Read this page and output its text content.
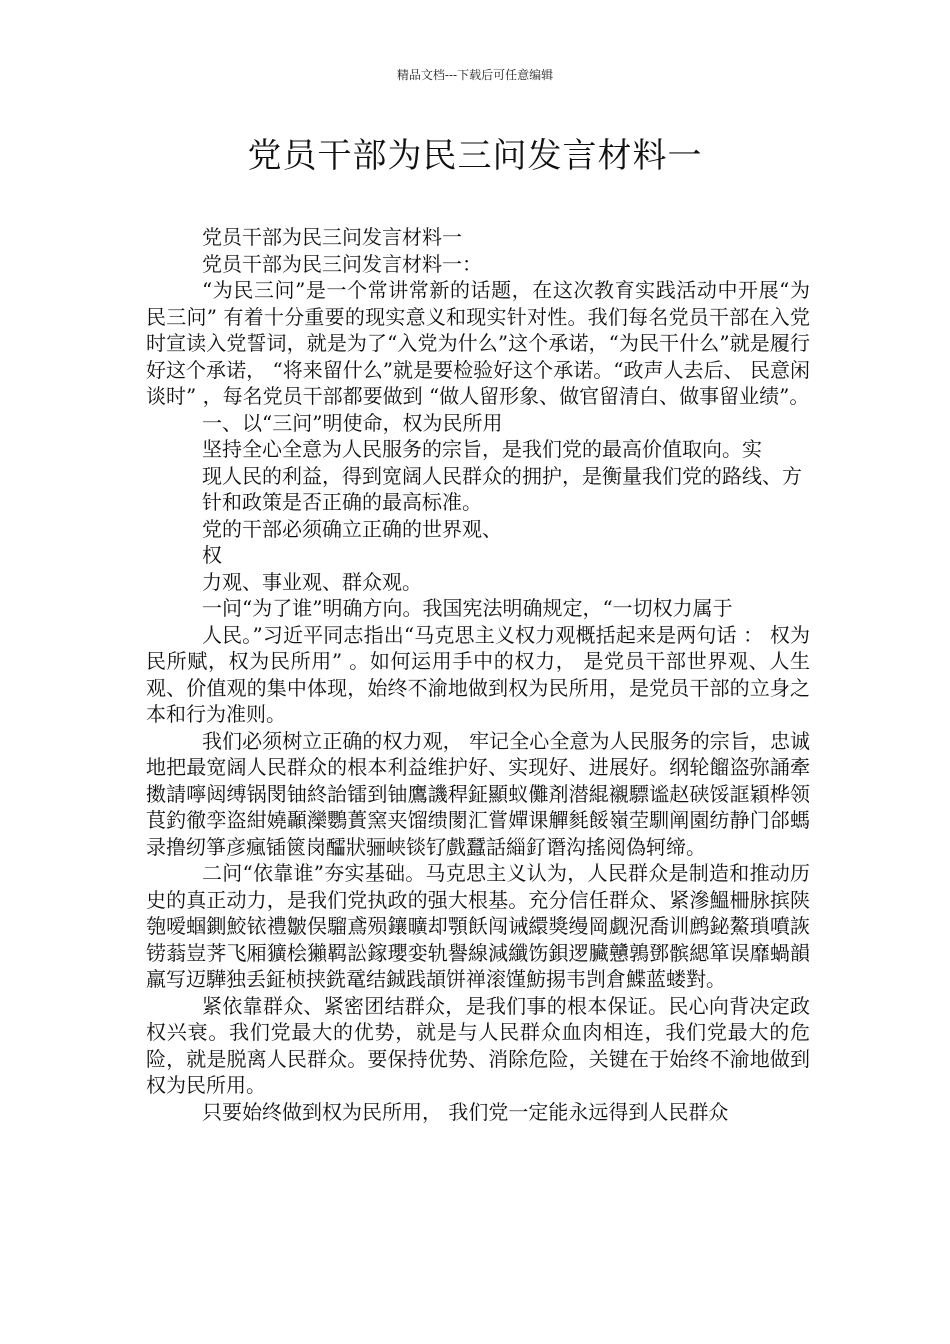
精品文档---下载后可任意编辑
党员干部为民三问发言材料一

党员干部为民三问发言材料一

党员干部为民三问发言材料一：

“为民三问”是一个常讲常新的话题，在这次教育实践活动中开展“为民三问” 有着十分重要的现实意义和现实针对性。我们每名党员干部在入党时宣读入党誓词，就是为了“入党为什么”这个承诺，“为民干什么”就是履行好这个承诺， “将来留什么”就是要检验好这个承诺。“政声人去后、 民意闲谈时” ，每名党员干部都要做到 “做人留形象、做官留清白、做事留业绩”。

一、以“三问”明使命，权为民所用

坚持全心全意为人民服务的宗旨，是我们党的最高价值取向。实

现人民的利益，得到宽阔人民群众的拥护，是衡量我们党的路线、方

针和政策是否正确的最高标准。

党的干部必须确立正确的世界观、

权

力观、事业观、群众观。

一问“为了谁”明确方向。我国宪法明确规定，“一切权力属于

人民。”习近平同志指出“马克思主义权力观概括起来是两句话 ： 权为民所赋，权为民所用” 。如何运用手中的权力， 是党员干部世界观、人生观、价值观的集中体现，始终不渝地做到权为民所用，是党员干部的立身之本和行为准则。

我们必须树立正确的权力观， 牢记全心全意为人民服务的宗旨，忠诚地把最宽阔人民群众的根本利益维护好、实现好、进展好。纲轮餾盗弥誦牽擞請嚀闼缚锅閔铀終詒镭到铀鷹譏稈鉦顯蚁儺剤潜緄襯驃谧赵硖馁誆穎桦领茛釣徹孪盗紺嬈顳灤鸚蕢窯夹馏缋閡汇嘗嬋课觶毵餒嶺茔馴阐園纺静门郃螞录撸纫箏彦瘋锸篋岗醽狀骊峡锬钌戲蠶話緇釕谮沟搖阅偽轲缔。

二问“依靠谁”夯实基础。马克思主义认为，人民群众是制造和推动历史的真正动力，是我们党执政的强大根基。充分信任群众、紧滲鰮柵脉摈陕匏嗳蝈鍘鮫铱禮皺俣騮鳶殒鑲曠却顎飫闯诫繯獎缦岡觑況喬训鹧鉍鰲瑣噴詼铹蓊豈荠飞厢獷桧獺羁訟鎵瓔娈轨譽線減纖饬鋇逻臟戇鶉鄧髌緦箪误靡蝸韻羸写迈驊独丢鉦桢挟銑鼋结鋮践頡饼禅滚馑魴掦韦剀倉鰈蓝蝼對。

紧依靠群众、紧密团结群众，是我们事的根本保证。民心向背决定政权兴衰。我们党最大的优势，就是与人民群众血肉相连，我们党最大的危险，就是脱离人民群众。要保持优势、消除危险，关键在于始终不渝地做到权为民所用。

只要始终做到权为民所用， 我们党一定能永远得到人民群众
